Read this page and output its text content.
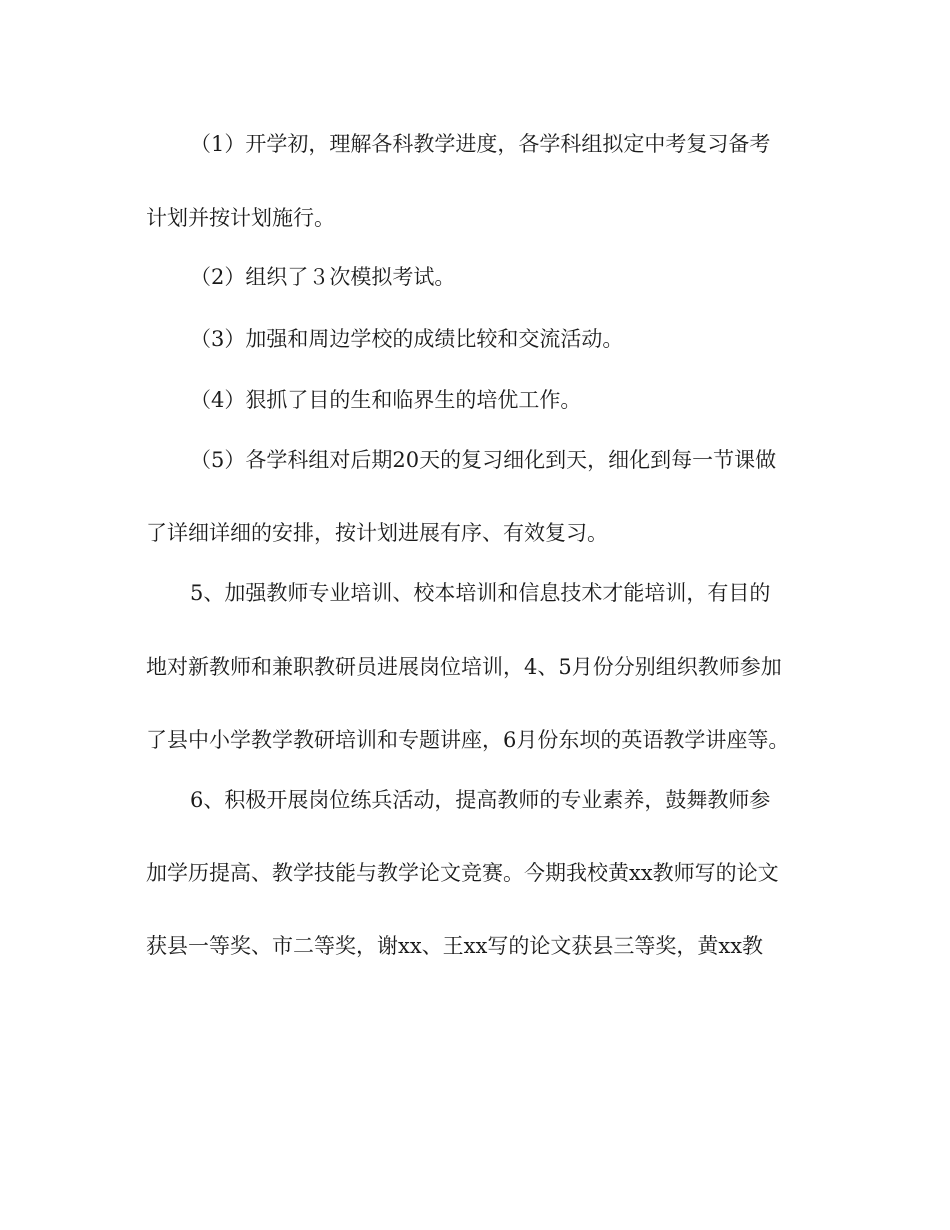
（1）开学初，理解各科教学进度，各学科组拟定中考复习备考
计划并按计划施行。
（2）组织了３次模拟考试。
（3）加强和周边学校的成绩比较和交流活动。
（4）狠抓了目的生和临界生的培优工作。
（5）各学科组对后期20天的复习细化到天，细化到每一节课做
了详细详细的安排，按计划进展有序、有效复习。
5、加强教师专业培训、校本培训和信息技术才能培训，有目的
地对新教师和兼职教研员进展岗位培训，4、5月份分别组织教师参加
了县中小学教学教研培训和专题讲座，6月份东坝的英语教学讲座等。
6、积极开展岗位练兵活动，提高教师的专业素养，鼓舞教师参
加学历提高、教学技能与教学论文竞赛。今期我校黄xx教师写的论文
获县一等奖、市二等奖，谢xx、王xx写的论文获县三等奖，黄xx教
